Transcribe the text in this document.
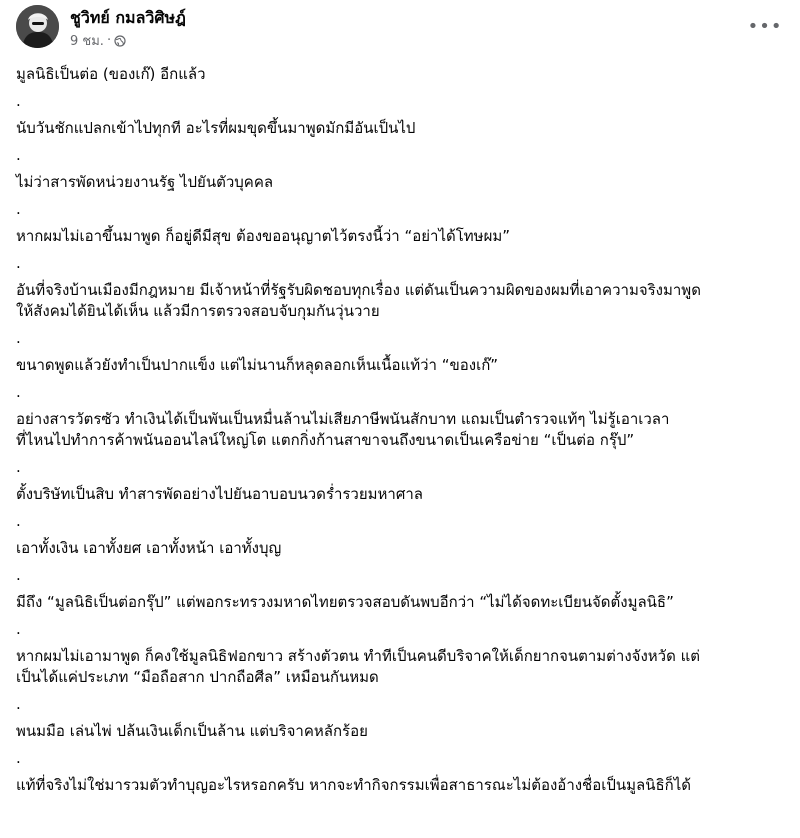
ชูวิทย์ กมลวิศิษฎ์
9 ชม. ·
•••

มูลนิธิเป็นต่อ (ของเก๊) อีกแล้ว

.

นับวันชักแปลกเข้าไปทุกที อะไรที่ผมขุดขึ้นมาพูดมักมีอันเป็นไป

.

ไม่ว่าสารพัดหน่วยงานรัฐ ไปยันตัวบุคคล

.

หากผมไม่เอาขึ้นมาพูด ก็อยู่ดีมีสุข ต้องขออนุญาตไว้ตรงนี้ว่า “อย่าได้โทษผม”

.

อันที่จริงบ้านเมืองมีกฎหมาย มีเจ้าหน้าที่รัฐรับผิดชอบทุกเรื่อง แต่ดันเป็นความผิดของผมที่เอาความจริงมาพูด
ให้สังคมได้ยินได้เห็น แล้วมีการตรวจสอบจับกุมกันวุ่นวาย

.

ขนาดพูดแล้วยังทำเป็นปากแข็ง แต่ไม่นานก็หลุดลอกเห็นเนื้อแท้ว่า “ของเก๊”

.

อย่างสารวัตรซัว ทำเงินได้เป็นพันเป็นหมื่นล้านไม่เสียภาษีพนันสักบาท แถมเป็นตำรวจแท้ๆ ไม่รู้เอาเวลา
ที่ไหนไปทำการค้าพนันออนไลน์ใหญ่โต แตกกิ่งก้านสาขาจนถึงขนาดเป็นเครือข่าย “เป็นต่อ กรุ๊ป”

.

ตั้งบริษัทเป็นสิบ ทำสารพัดอย่างไปยันอาบอบนวดร่ำรวยมหาศาล

.

เอาทั้งเงิน เอาทั้งยศ เอาทั้งหน้า เอาทั้งบุญ

.

มีถึง “มูลนิธิเป็นต่อกรุ๊ป” แต่พอกระทรวงมหาดไทยตรวจสอบดันพบอีกว่า “ไม่ได้จดทะเบียนจัดตั้งมูลนิธิ”

.

หากผมไม่เอามาพูด ก็คงใช้มูลนิธิฟอกขาว สร้างตัวตน ทำทีเป็นคนดีบริจาคให้เด็กยากจนตามต่างจังหวัด แต่
เป็นได้แค่ประเภท “มือถือสาก ปากถือศีล” เหมือนกันหมด

.

พนมมือ เล่นไพ่ ปล้นเงินเด็กเป็นล้าน แต่บริจาคหลักร้อย

.

แท้ที่จริงไม่ใช่มารวมตัวทำบุญอะไรหรอกครับ หากจะทำกิจกรรมเพื่อสาธารณะไม่ต้องอ้างชื่อเป็นมูลนิธิก็ได้
